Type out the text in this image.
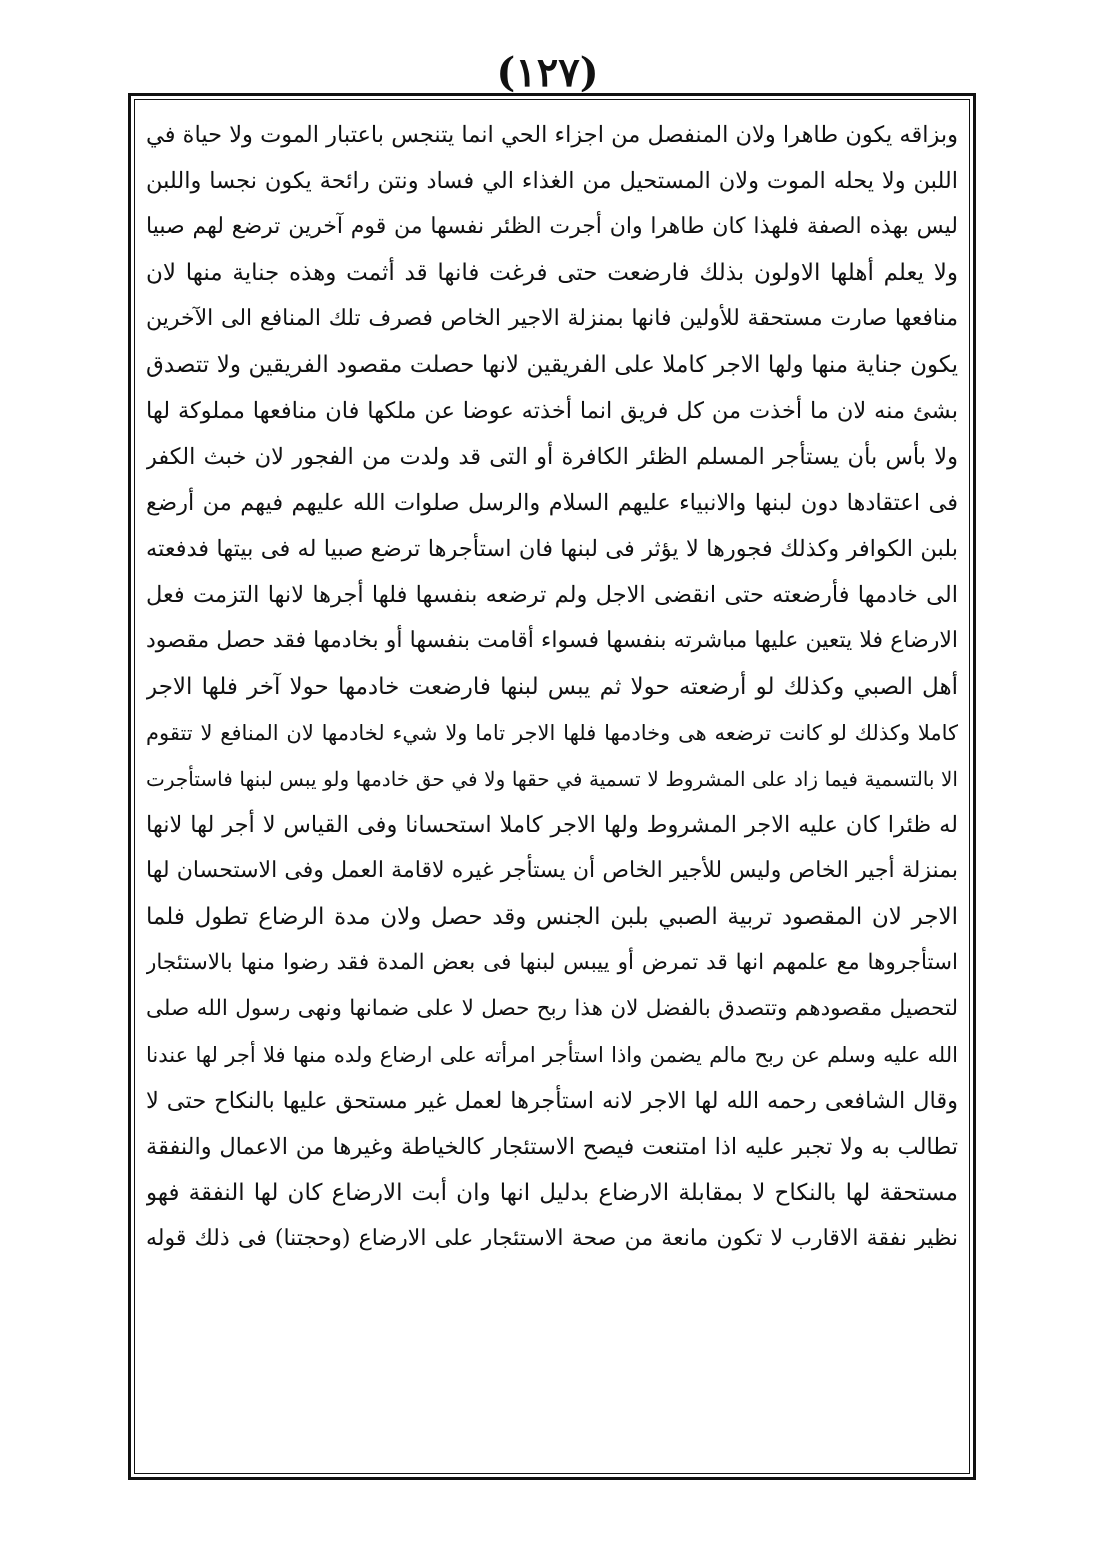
(١٢٧)
وبزاقه يكون طاهرا ولان المنفصل من اجزاء الحي انما يتنجس باعتبار الموت ولا حياة في
اللبن ولا يحله الموت ولان المستحيل من الغذاء الي فساد ونتن رائحة يكون نجسا واللبن
ليس بهذه الصفة فلهذا كان طاهرا وان أجرت الظئر نفسها من قوم آخرين ترضع لهم صبيا
ولا يعلم أهلها الاولون بذلك فارضعت حتى فرغت فانها قد أثمت وهذه جناية منها لان
منافعها صارت مستحقة للأولين فانها بمنزلة الاجير الخاص فصرف تلك المنافع الى الآخرين
يكون جناية منها ولها الاجر كاملا على الفريقين لانها حصلت مقصود الفريقين ولا تتصدق
بشئ منه لان ما أخذت من كل فريق انما أخذته عوضا عن ملكها فان منافعها مملوكة لها
ولا بأس بأن يستأجر المسلم الظئر الكافرة أو التى قد ولدت من الفجور لان خبث الكفر
فى اعتقادها دون لبنها والانبياء عليهم السلام والرسل صلوات الله عليهم فيهم من أرضع
بلبن الكوافر وكذلك فجورها لا يؤثر فى لبنها فان استأجرها ترضع صبيا له فى بيتها فدفعته
الى خادمها فأرضعته حتى انقضى الاجل ولم ترضعه بنفسها فلها أجرها لانها التزمت فعل
الارضاع فلا يتعين عليها مباشرته بنفسها فسواء أقامت بنفسها أو بخادمها فقد حصل مقصود
أهل الصبي وكذلك لو أرضعته حولا ثم يبس لبنها فارضعت خادمها حولا آخر فلها الاجر
كاملا وكذلك لو كانت ترضعه هى وخادمها فلها الاجر تاما ولا شيء لخادمها لان المنافع لا تتقوم
الا بالتسمية فيما زاد على المشروط لا تسمية في حقها ولا في حق خادمها ولو يبس لبنها فاستأجرت
له ظئرا كان عليه الاجر المشروط ولها الاجر كاملا استحسانا وفى القياس لا أجر لها لانها
بمنزلة أجير الخاص وليس للأجير الخاص أن يستأجر غيره لاقامة العمل وفى الاستحسان لها
الاجر لان المقصود تربية الصبي بلبن الجنس وقد حصل ولان مدة الرضاع تطول فلما
استأجروها مع علمهم انها قد تمرض أو ييبس لبنها فى بعض المدة فقد رضوا منها بالاستئجار
لتحصيل مقصودهم وتتصدق بالفضل لان هذا ربح حصل لا على ضمانها ونهى رسول الله صلى
الله عليه وسلم عن ربح مالم يضمن واذا استأجر امرأته على ارضاع ولده منها فلا أجر لها عندنا
وقال الشافعى رحمه الله لها الاجر لانه استأجرها لعمل غير مستحق عليها بالنكاح حتى لا
تطالب به ولا تجبر عليه اذا امتنعت فيصح الاستئجار كالخياطة وغيرها من الاعمال والنفقة
مستحقة لها بالنكاح لا بمقابلة الارضاع بدليل انها وان أبت الارضاع كان لها النفقة فهو
نظير نفقة الاقارب لا تكون مانعة من صحة الاستئجار على الارضاع (وحجتنا) فى ذلك قوله
